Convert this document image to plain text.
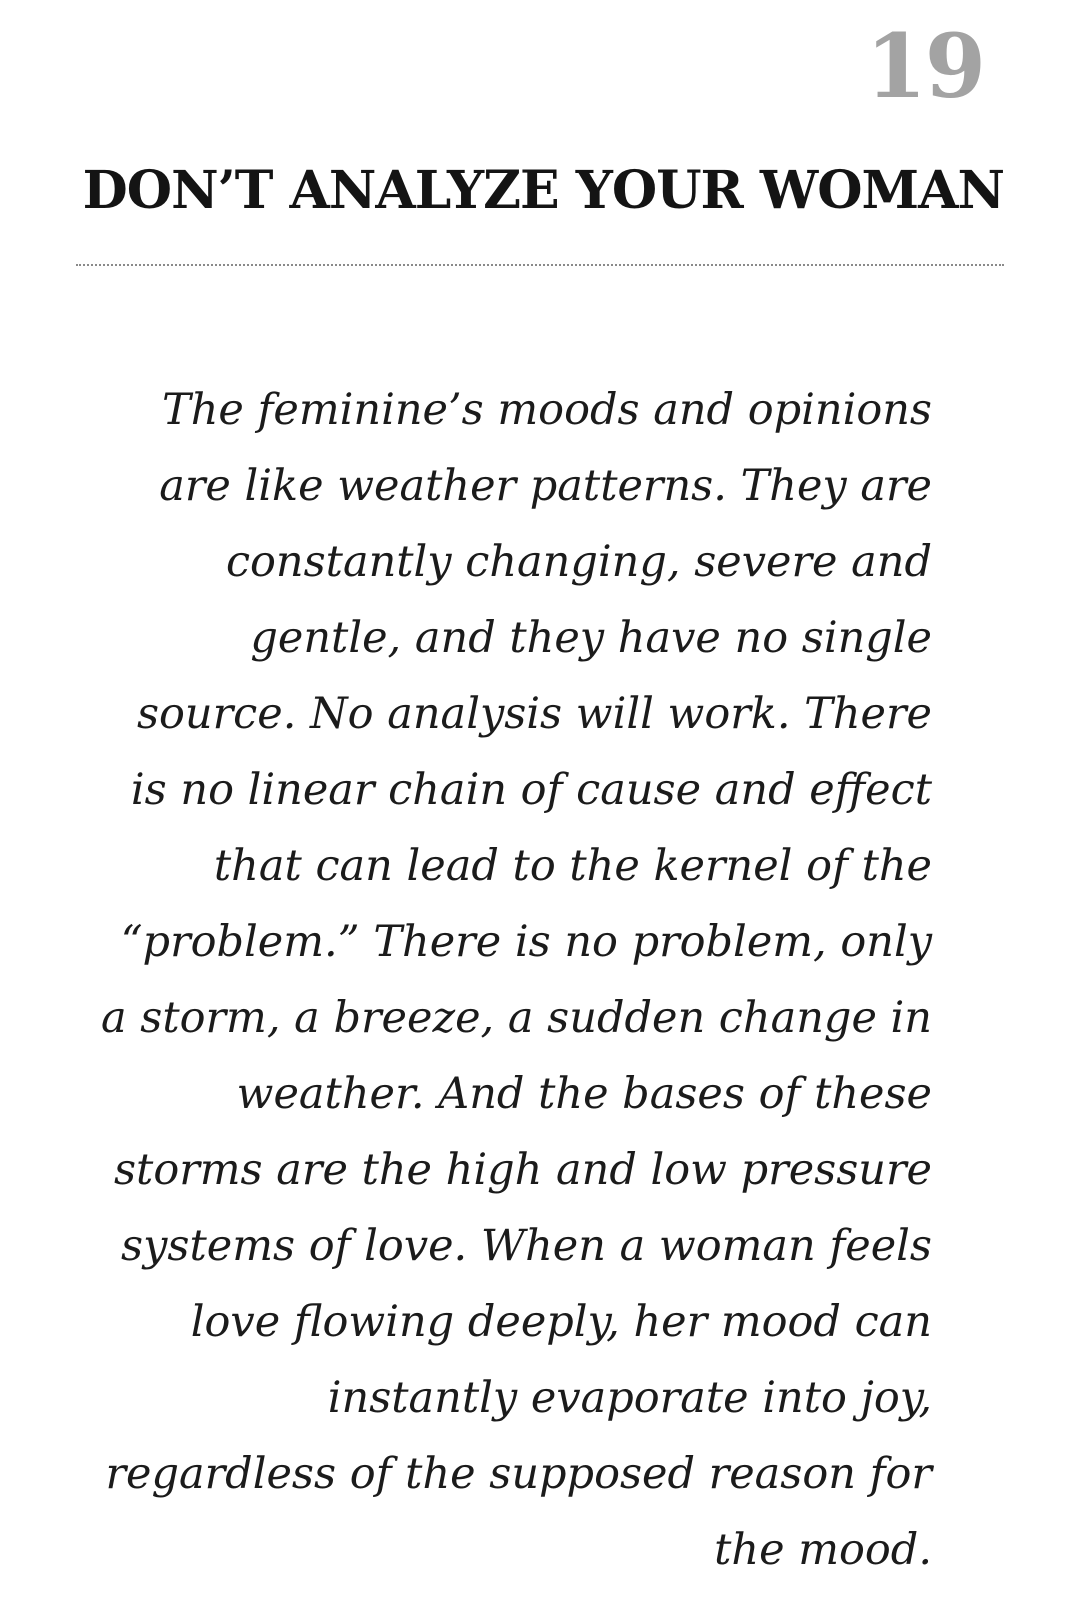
19
DON’T ANALYZE YOUR WOMAN
The feminine’s moods and opinions
are like weather patterns. They are
constantly changing, severe and
gentle, and they have no single
source. No analysis will work. There
is no linear chain of cause and effect
that can lead to the kernel of the
“problem.” There is no problem, only
a storm, a breeze, a sudden change in
weather. And the bases of these
storms are the high and low pressure
systems of love. When a woman feels
love flowing deeply, her mood can
instantly evaporate into joy,
regardless of the supposed reason for
the mood.
